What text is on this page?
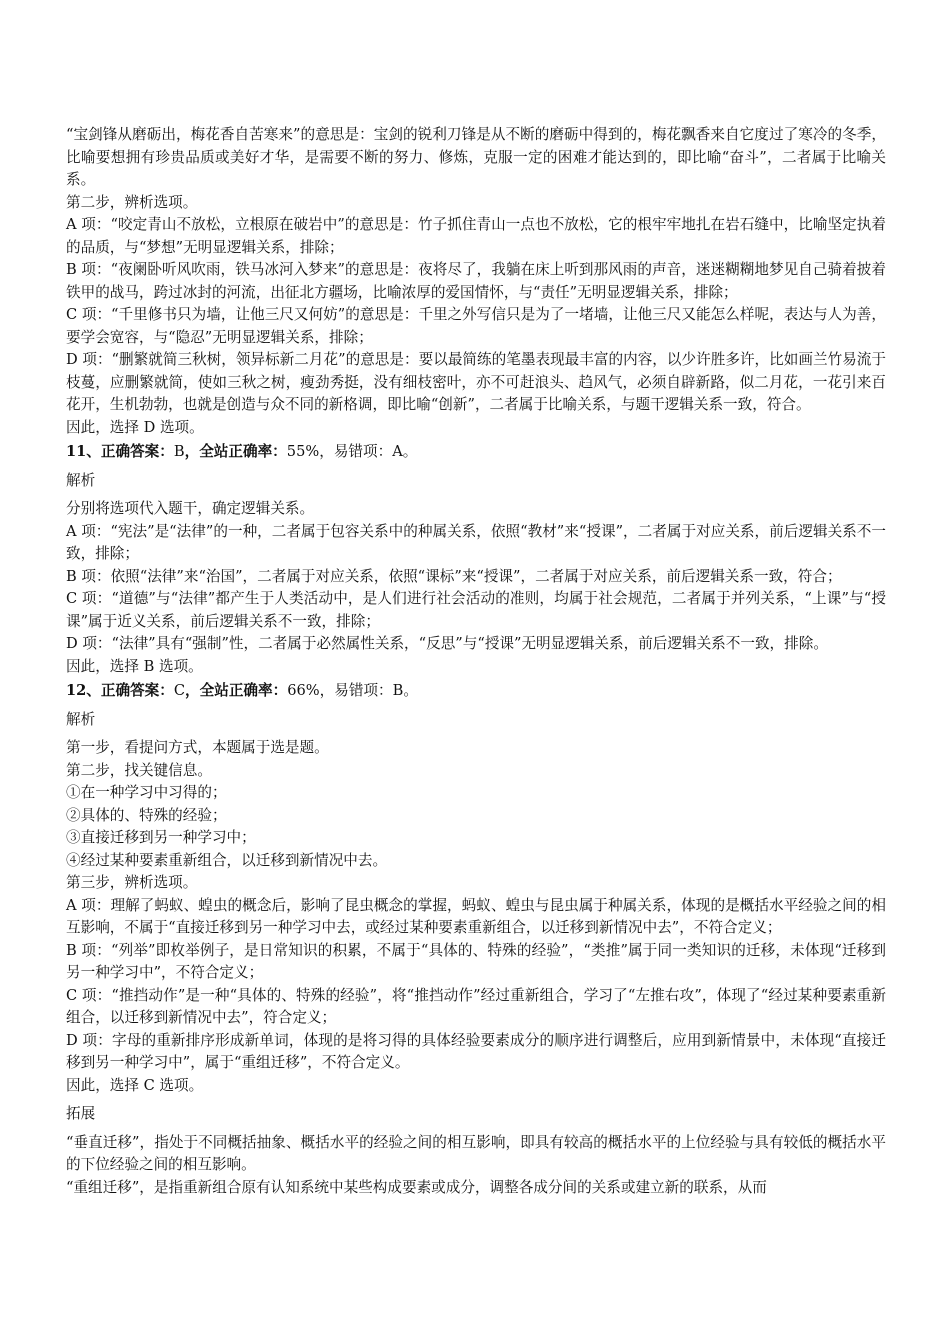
“宝剑锋从磨砺出，梅花香自苦寒来”的意思是：宝剑的锐利刀锋是从不断的磨砺中得到的，梅花飘香来自它度过了寒冷的冬季，比喻要想拥有珍贵品质或美好才华，是需要不断的努力、修炼，克服一定的困难才能达到的，即比喻“奋斗”，二者属于比喻关系。

第二步，辨析选项。

A 项：“咬定青山不放松，立根原在破岩中”的意思是：竹子抓住青山一点也不放松，它的根牢牢地扎在岩石缝中，比喻坚定执着的品质，与“梦想”无明显逻辑关系，排除；

B 项：“夜阑卧听风吹雨，铁马冰河入梦来”的意思是：夜将尽了，我躺在床上听到那风雨的声音，迷迷糊糊地梦见自己骑着披着铁甲的战马，跨过冰封的河流，出征北方疆场，比喻浓厚的爱国情怀，与“责任”无明显逻辑关系，排除；

C 项：“千里修书只为墙，让他三尺又何妨”的意思是：千里之外写信只是为了一堵墙，让他三尺又能怎么样呢，表达与人为善，要学会宽容，与“隐忍”无明显逻辑关系，排除；

D 项：“删繁就简三秋树，领异标新二月花”的意思是：要以最简练的笔墨表现最丰富的内容，以少许胜多许，比如画兰竹易流于枝蔓，应删繁就简，使如三秋之树，瘦劲秀挺，没有细枝密叶，亦不可赶浪头、趋风气，必须自辟新路，似二月花，一花引来百花开，生机勃勃，也就是创造与众不同的新格调，即比喻“创新”，二者属于比喻关系，与题干逻辑关系一致，符合。

因此，选择 D 选项。

11、正确答案：B，全站正确率：55%，易错项：A。

解析

分别将选项代入题干，确定逻辑关系。

A 项：“宪法”是“法律”的一种，二者属于包容关系中的种属关系，依照“教材”来“授课”，二者属于对应关系，前后逻辑关系不一致，排除；

B 项：依照“法律”来“治国”，二者属于对应关系，依照“课标”来“授课”，二者属于对应关系，前后逻辑关系一致，符合；

C 项：“道德”与“法律”都产生于人类活动中，是人们进行社会活动的准则，均属于社会规范，二者属于并列关系，“上课”与“授课”属于近义关系，前后逻辑关系不一致，排除；

D 项：“法律”具有“强制”性，二者属于必然属性关系，“反思”与“授课”无明显逻辑关系，前后逻辑关系不一致，排除。

因此，选择 B 选项。

12、正确答案：C，全站正确率：66%，易错项：B。

解析

第一步，看提问方式，本题属于选是题。

第二步，找关键信息。

①在一种学习中习得的；

②具体的、特殊的经验；

③直接迁移到另一种学习中；

④经过某种要素重新组合，以迁移到新情况中去。

第三步，辨析选项。

A 项：理解了蚂蚁、蝗虫的概念后，影响了昆虫概念的掌握，蚂蚁、蝗虫与昆虫属于种属关系，体现的是概括水平经验之间的相互影响，不属于“直接迁移到另一种学习中去，或经过某种要素重新组合，以迁移到新情况中去”，不符合定义；

B 项：“列举”即枚举例子，是日常知识的积累，不属于“具体的、特殊的经验”，“类推”属于同一类知识的迁移，未体现“迁移到另一种学习中”，不符合定义；

C 项：“推挡动作”是一种“具体的、特殊的经验”，将“推挡动作”经过重新组合，学习了“左推右攻”，体现了“经过某种要素重新组合，以迁移到新情况中去”，符合定义；

D 项：字母的重新排序形成新单词，体现的是将习得的具体经验要素成分的顺序进行调整后，应用到新情景中，未体现“直接迁移到另一种学习中”，属于“重组迁移”，不符合定义。

因此，选择 C 选项。

拓展

“垂直迁移”，指处于不同概括抽象、概括水平的经验之间的相互影响，即具有较高的概括水平的上位经验与具有较低的概括水平的下位经验之间的相互影响。

“重组迁移”，是指重新组合原有认知系统中某些构成要素或成分，调整各成分间的关系或建立新的联系，从而
